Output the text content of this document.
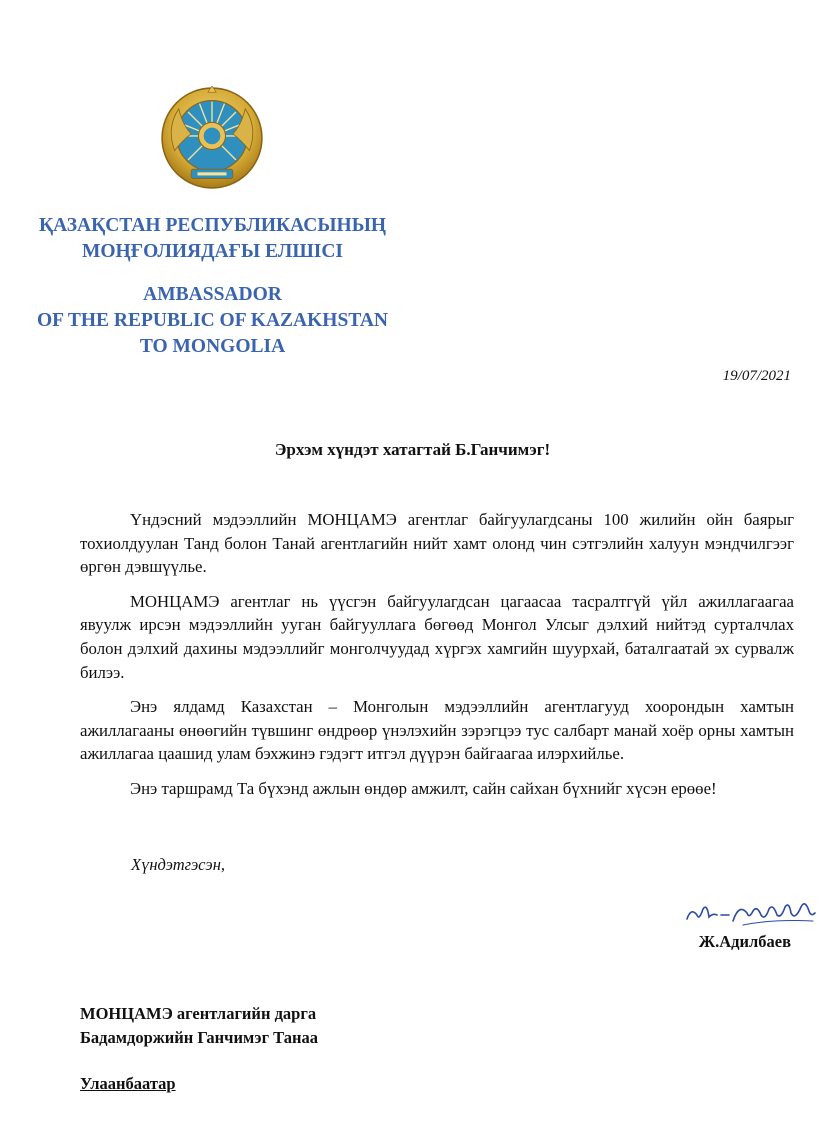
ҚАЗАҚСТАН РЕСПУБЛИКАСЫНЫҢ
МОҢҒОЛИЯДАҒЫ ЕЛШІСІ
AMBASSADOR
OF THE REPUBLIC OF KAZAKHSTAN
TO MONGOLIA
19/07/2021
Эрхэм хүндэт хатагтай Б.Ганчимэг!

Үндэсний мэдээллийн МОНЦАМЭ агентлаг байгуулагдсаны 100 жилийн ойн баярыг тохиолдуулан Танд болон Танай агентлагийн нийт хамт олонд чин сэтгэлийн халуун мэндчилгээг өргөн дэвшүүлье.

МОНЦАМЭ агентлаг нь үүсгэн байгуулагдсан цагаасаа тасралтгүй үйл ажиллагаагаа явуулж ирсэн мэдээллийн ууган байгууллага бөгөөд Монгол Улсыг дэлхий нийтэд сурталчлах болон дэлхий дахины мэдээллийг монголчуудад хүргэх хамгийн шуурхай, баталгаатай эх сурвалж билээ.

Энэ ялдамд Казахстан – Монголын мэдээллийн агентлагууд хоорондын хамтын ажиллагааны өнөөгийн түвшинг өндрөөр үнэлэхийн зэрэгцээ тус салбарт манай хоёр орны хамтын ажиллагаа цаашид улам бэхжинэ гэдэгт итгэл дүүрэн байгаагаа илэрхийлье.

Энэ таршрамд Та бүхэнд ажлын өндөр амжилт, сайн сайхан бүхнийг хүсэн ерөөе!

Хүндэтгэсэн,
Ж.Адилбаев
МОНЦАМЭ агентлагийн дарга
Бадамдоржийн Ганчимэг Танаа
Улаанбаатар
